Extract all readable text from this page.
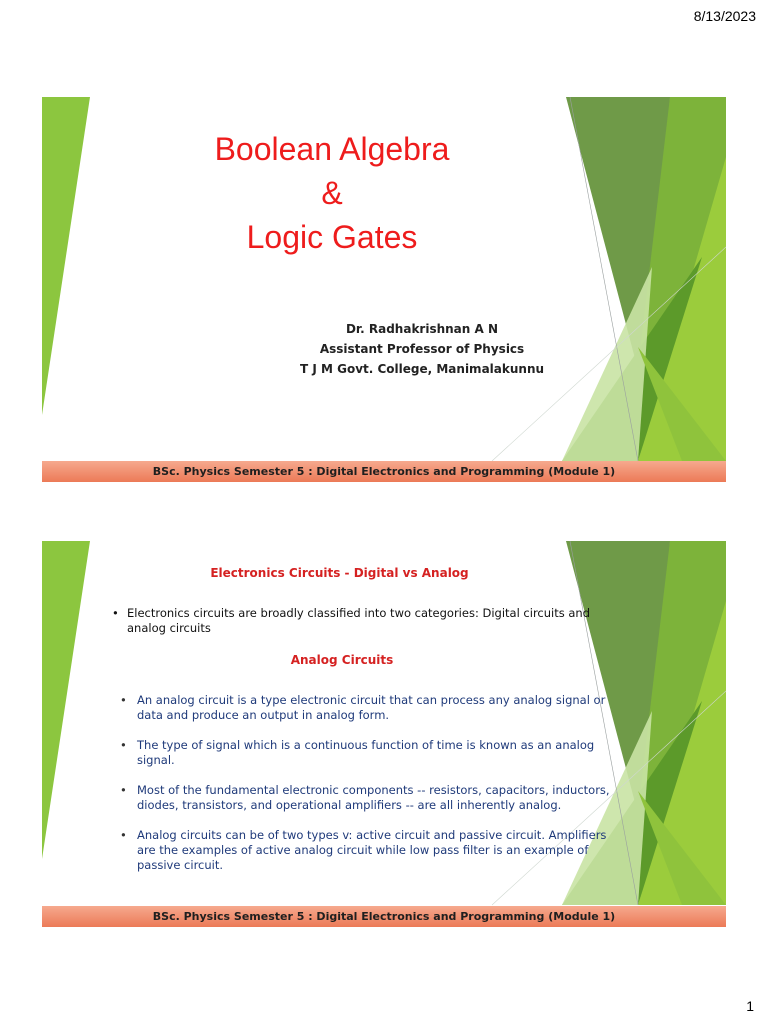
8/13/2023
Boolean Algebra
&
Logic Gates
Dr. Radhakrishnan A N
Assistant Professor of Physics
T J M Govt. College, Manimalakunnu
BSc. Physics Semester 5 : Digital Electronics and Programming (Module 1)
Electronics Circuits - Digital vs Analog
• Electronics circuits are broadly classified into two categories: Digital circuits and
analog circuits
Analog Circuits
• An analog circuit is a type electronic circuit that can process any analog signal or data and produce an output in analog form.
• The type of signal which is a continuous function of time is known as an analog signal.
• Most of the fundamental electronic components -- resistors, capacitors, inductors, diodes, transistors, and operational amplifiers -- are all inherently analog.
• Analog circuits can be of two types v: active circuit and passive circuit. Amplifiers are the examples of active analog circuit while low pass filter is an example of passive circuit.
BSc. Physics Semester 5 : Digital Electronics and Programming (Module 1)
1
